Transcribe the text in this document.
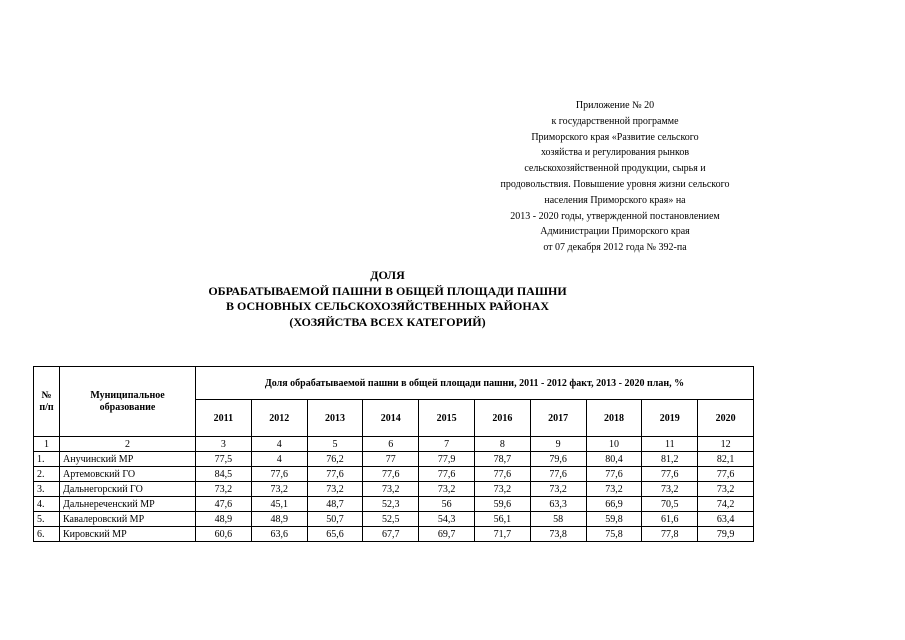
Приложение № 20
к государственной программе
Приморского края «Развитие сельского
хозяйства и регулирования рынков
сельскохозяйственной продукции, сырья и
продовольствия. Повышение уровня жизни сельского
населения Приморского края» на
2013 - 2020 годы, утвержденной постановлением
Администрации Приморского края
от 07 декабря 2012 года № 392-па
ДОЛЯ
ОБРАБАТЫВАЕМОЙ ПАШНИ В ОБЩЕЙ ПЛОЩАДИ ПАШНИ
В ОСНОВНЫХ СЕЛЬСКОХОЗЯЙСТВЕННЫХ РАЙОНАХ
(ХОЗЯЙСТВА ВСЕХ КАТЕГОРИЙ)
№ п/п	Муниципальное образование	Доля обрабатываемой пашни в общей площади пашни, 2011 - 2012 факт, 2013 - 2020 план, %									
		2011	2012	2013	2014	2015	2016	2017	2018	2019	2020
1	2	3	4	5	6	7	8	9	10	11	12
1.	Анучинский МР	77,5	4	76,2	77	77,9	78,7	79,6	80,4	81,2	82,1
2.	Артемовский ГО	84,5	77,6	77,6	77,6	77,6	77,6	77,6	77,6	77,6	77,6
3.	Дальнегорский ГО	73,2	73,2	73,2	73,2	73,2	73,2	73,2	73,2	73,2	73,2
4.	Дальнереченский МР	47,6	45,1	48,7	52,3	56	59,6	63,3	66,9	70,5	74,2
5.	Кавалеровский МР	48,9	48,9	50,7	52,5	54,3	56,1	58	59,8	61,6	63,4
6.	Кировский МР	60,6	63,6	65,6	67,7	69,7	71,7	73,8	75,8	77,8	79,9
